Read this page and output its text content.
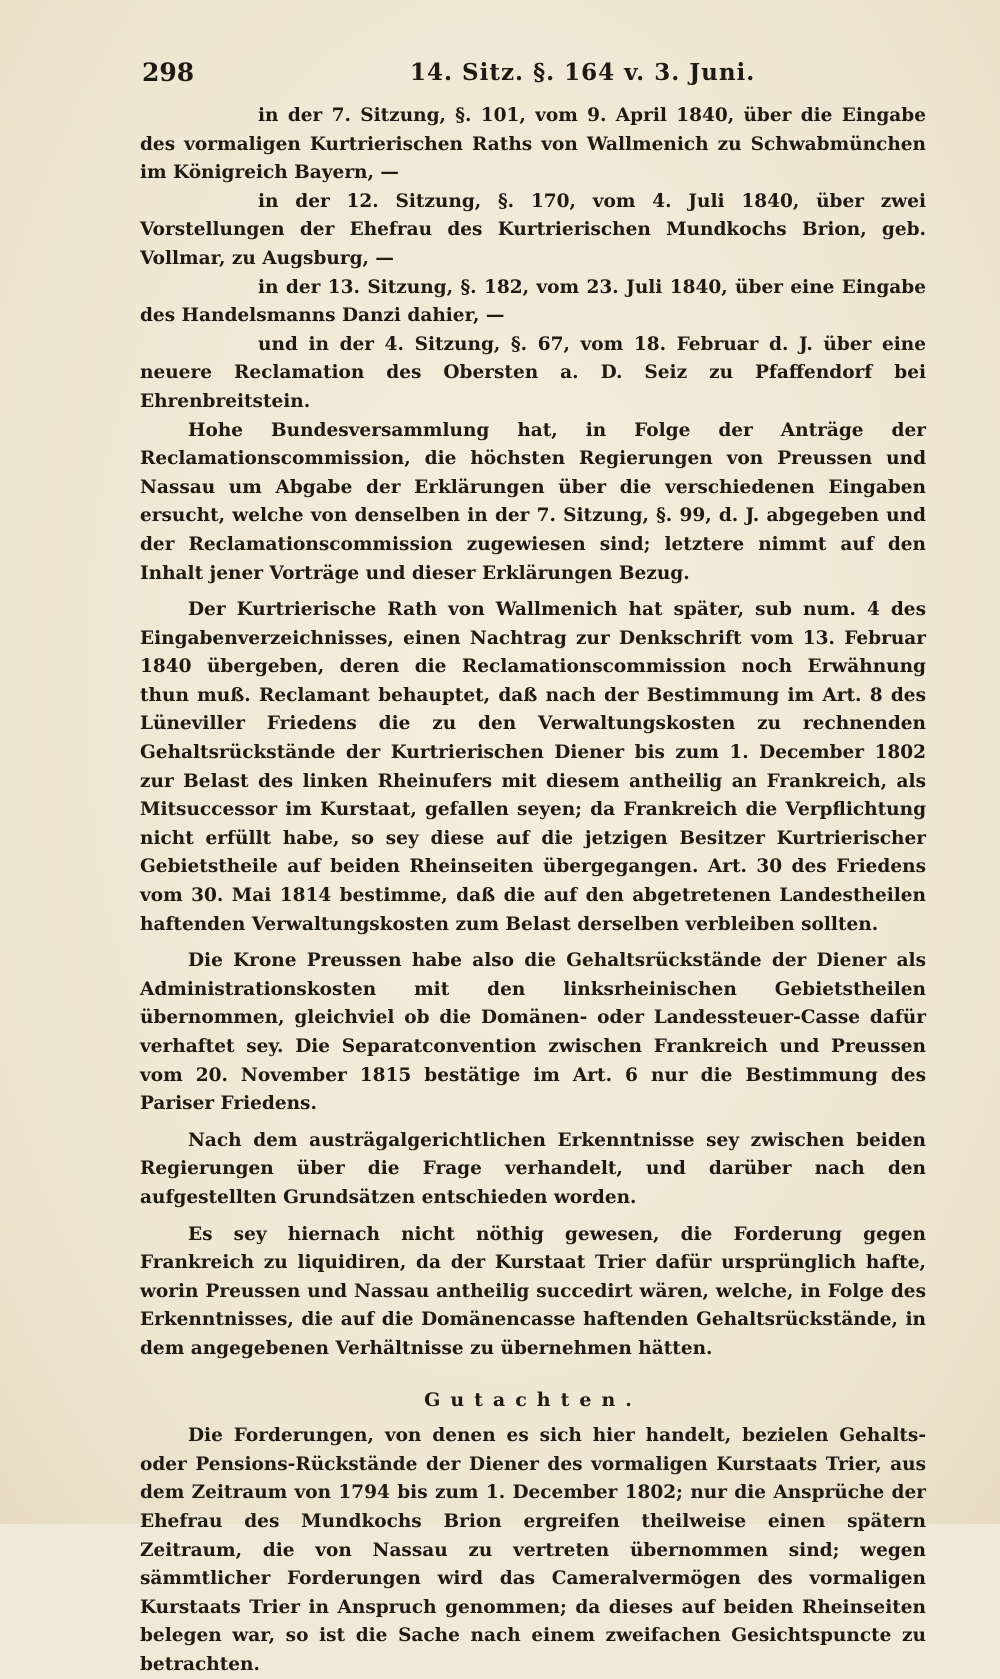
298	14. Sitz. §. 164 v. 3. Juni.

in der 7. Sitzung, §. 101, vom 9. April 1840, über die Eingabe des vormaligen Kurtrierischen Raths von Wallmenich zu Schwabmünchen im Königreich Bayern, —

in der 12. Sitzung, §. 170, vom 4. Juli 1840, über zwei Vorstellungen der Ehefrau des Kurtrierischen Mundkochs Brion, geb. Vollmar, zu Augsburg, —

in der 13. Sitzung, §. 182, vom 23. Juli 1840, über eine Eingabe des Handelsmanns Danzi dahier, —

und in der 4. Sitzung, §. 67, vom 18. Februar d. J. über eine neuere Reclamation des Obersten a. D. Seiz zu Pfaffendorf bei Ehrenbreitstein.

Hohe Bundesversammlung hat, in Folge der Anträge der Reclamationscommission, die höchsten Regierungen von Preussen und Nassau um Abgabe der Erklärungen über die verschiedenen Eingaben ersucht, welche von denselben in der 7. Sitzung, §. 99, d. J. abgegeben und der Reclamationscommission zugewiesen sind; letztere nimmt auf den Inhalt jener Vorträge und dieser Erklärungen Bezug.

Der Kurtrierische Rath von Wallmenich hat später, sub num. 4 des Eingabenverzeichnisses, einen Nachtrag zur Denkschrift vom 13. Februar 1840 übergeben, deren die Reclamationscommission noch Erwähnung thun muß. Reclamant behauptet, daß nach der Bestimmung im Art. 8 des Lüneviller Friedens die zu den Verwaltungskosten zu rechnenden Gehaltsrückstände der Kurtrierischen Diener bis zum 1. December 1802 zur Belast des linken Rheinufers mit diesem antheilig an Frankreich, als Mitsuccessor im Kurstaat, gefallen seyen; da Frankreich die Verpflichtung nicht erfüllt habe, so sey diese auf die jetzigen Besitzer Kurtrierischer Gebietstheile auf beiden Rheinseiten übergegangen. Art. 30 des Friedens vom 30. Mai 1814 bestimme, daß die auf den abgetretenen Landestheilen haftenden Verwaltungskosten zum Belast derselben verbleiben sollten.

Die Krone Preussen habe also die Gehaltsrückstände der Diener als Administrationskosten mit den linksrheinischen Gebietstheilen übernommen, gleichviel ob die Domänen- oder Landessteuer-Casse dafür verhaftet sey. Die Separatconvention zwischen Frankreich und Preussen vom 20. November 1815 bestätige im Art. 6 nur die Bestimmung des Pariser Friedens.

Nach dem austrägalgerichtlichen Erkenntnisse sey zwischen beiden Regierungen über die Frage verhandelt, und darüber nach den aufgestellten Grundsätzen entschieden worden.

Es sey hiernach nicht nöthig gewesen, die Forderung gegen Frankreich zu liquidiren, da der Kurstaat Trier dafür ursprünglich hafte, worin Preussen und Nassau antheilig succedirt wären, welche, in Folge des Erkenntnisses, die auf die Domänencasse haftenden Gehaltsrückstände, in dem angegebenen Verhältnisse zu übernehmen hätten.

Gutachten.

Die Forderungen, von denen es sich hier handelt, bezielen Gehalts- oder Pensions-Rückstände der Diener des vormaligen Kurstaats Trier, aus dem Zeitraum von 1794 bis zum 1. December 1802; nur die Ansprüche der Ehefrau des Mundkochs Brion ergreifen theilweise einen spätern Zeitraum, die von Nassau zu vertreten übernommen sind; wegen sämmtlicher Forderungen wird das Cameralvermögen des vormaligen Kurstaats Trier in Anspruch genommen; da dieses auf beiden Rheinseiten belegen war, so ist die Sache nach einem zweifachen Gesichtspuncte zu betrachten.
